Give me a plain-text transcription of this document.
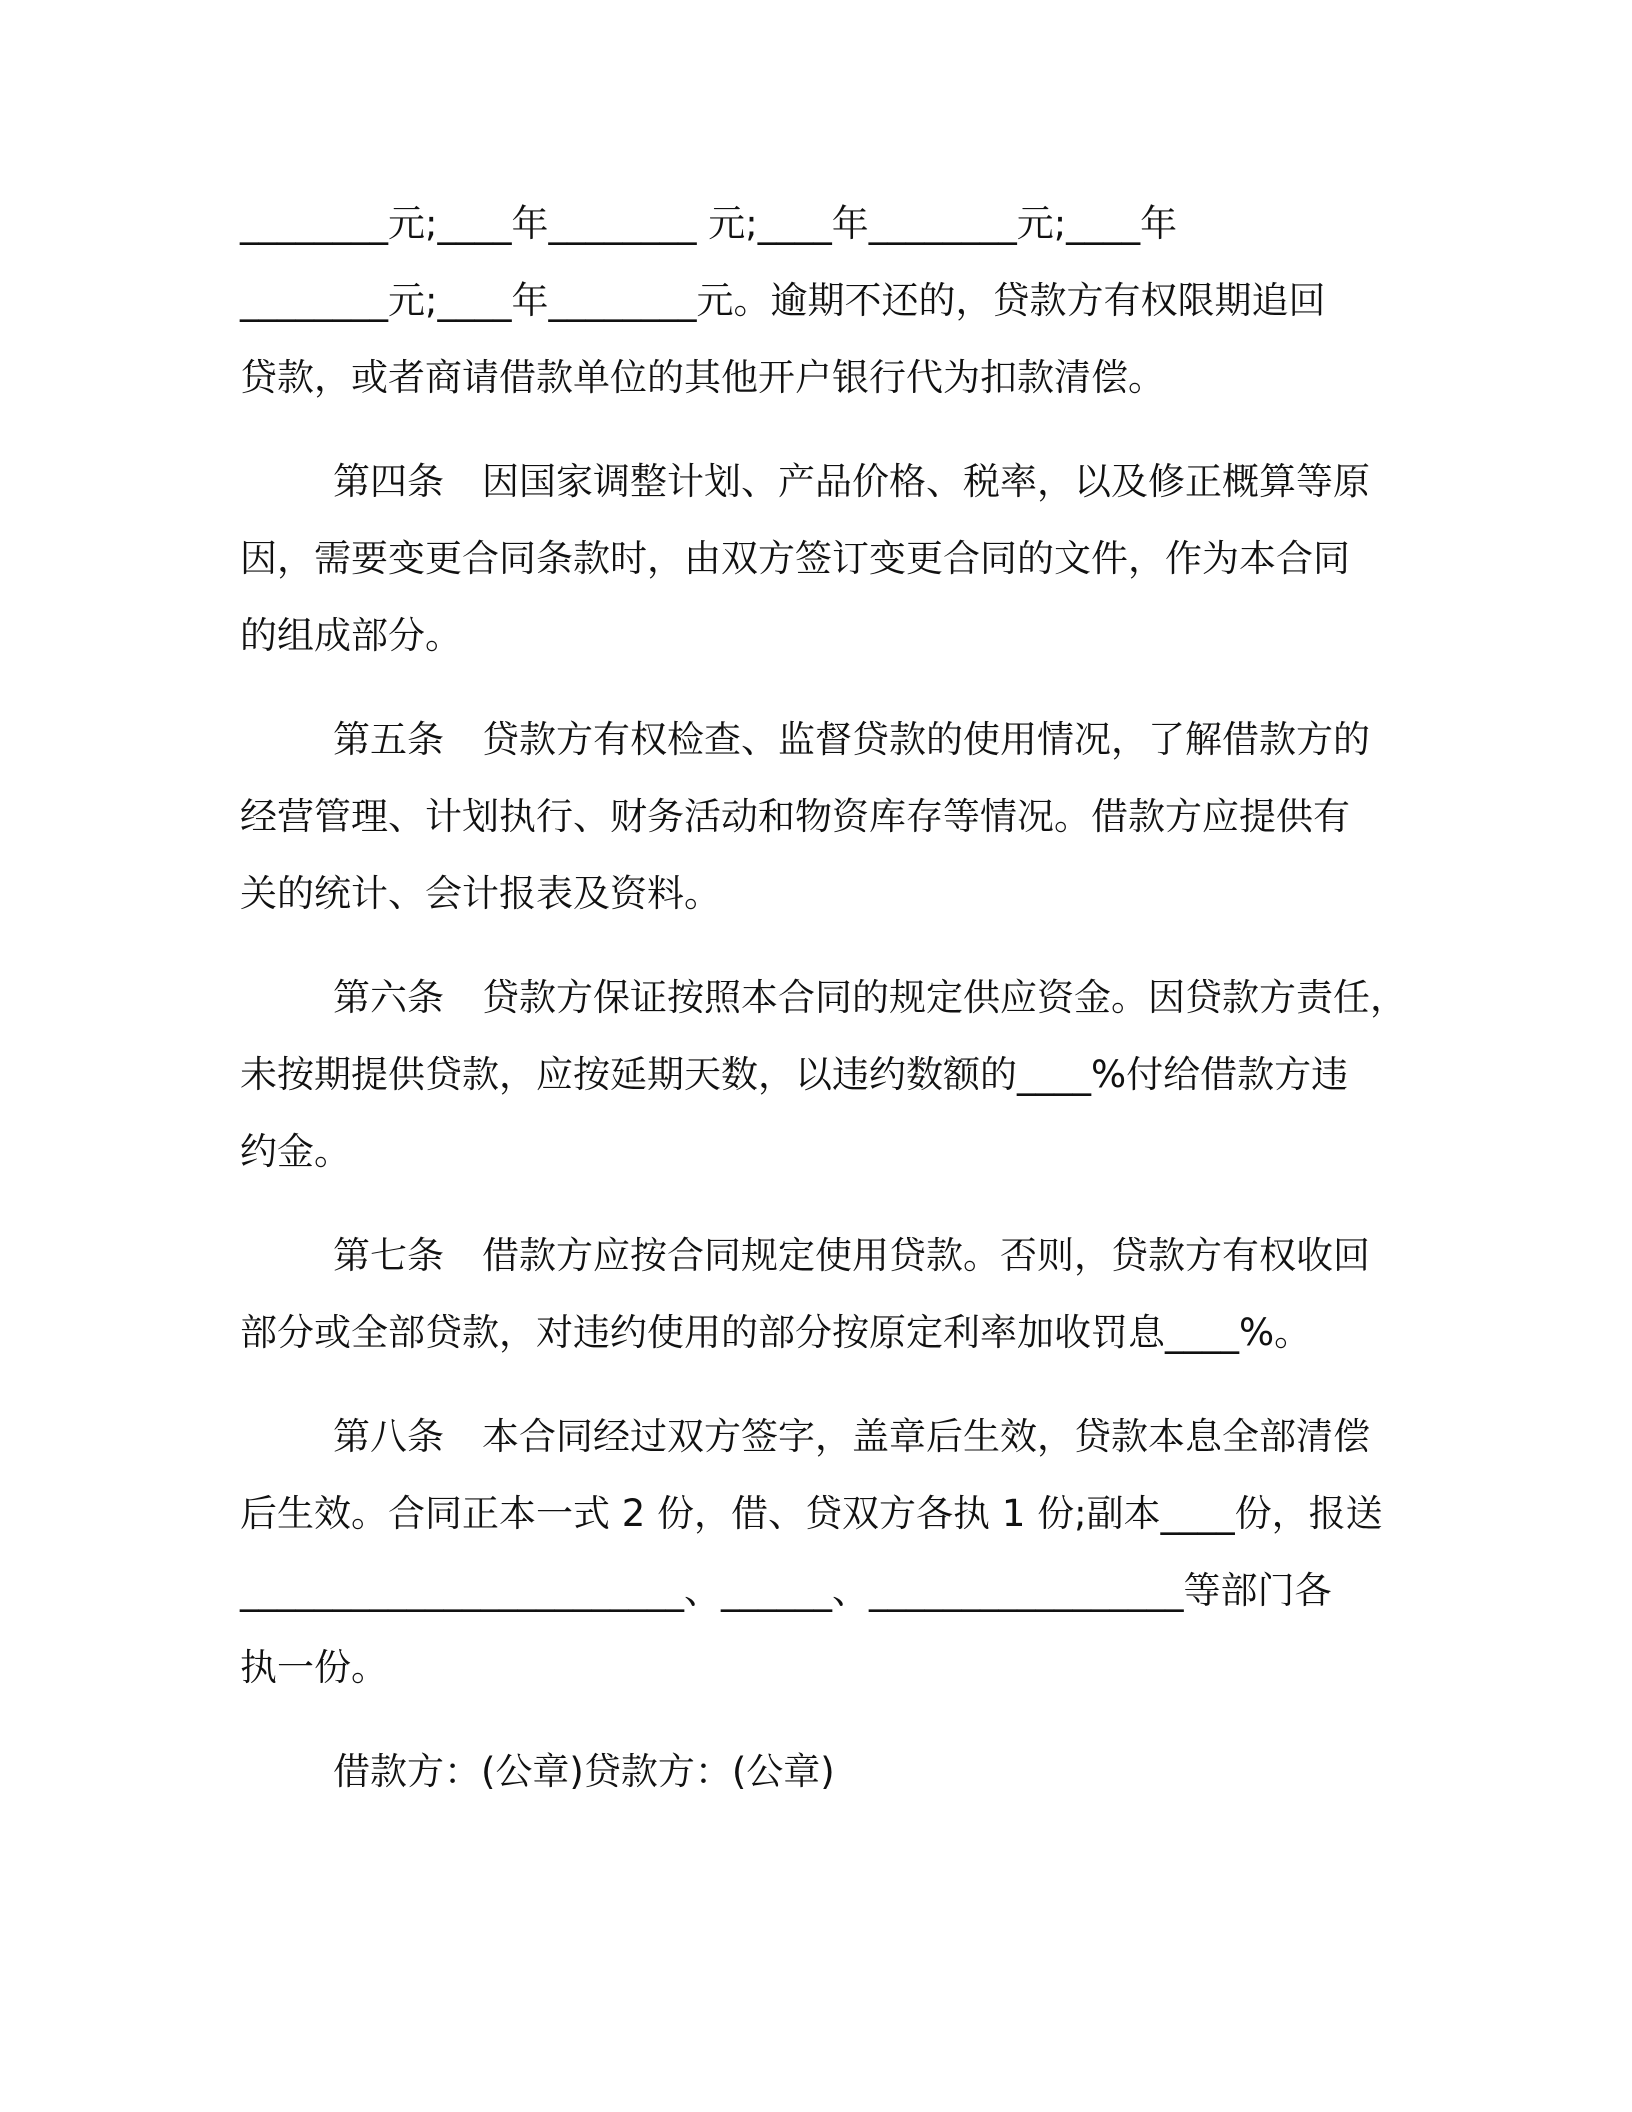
________元;____年________ 元;____年________元;____年
________元;____年________元。逾期不还的，贷款方有权限期追回
贷款，或者商请借款单位的其他开户银行代为扣款清偿。
第四条 因国家调整计划、产品价格、税率，以及修正概算等原
因，需要变更合同条款时，由双方签订变更合同的文件，作为本合同
的组成部分。
第五条 贷款方有权检查、监督贷款的使用情况，了解借款方的
经营管理、计划执行、财务活动和物资库存等情况。借款方应提供有
关的统计、会计报表及资料。
第六条 贷款方保证按照本合同的规定供应资金。因贷款方责任，
未按期提供贷款，应按延期天数，以违约数额的____%付给借款方违
约金。
第七条 借款方应按合同规定使用贷款。否则，贷款方有权收回
部分或全部贷款，对违约使用的部分按原定利率加收罚息____%。
第八条 本合同经过双方签字，盖章后生效，贷款本息全部清偿
后生效。合同正本一式 2 份，借、贷双方各执 1 份;副本____份，报送
________________________、______、_________________等部门各
执一份。
借款方：(公章)贷款方：(公章)
